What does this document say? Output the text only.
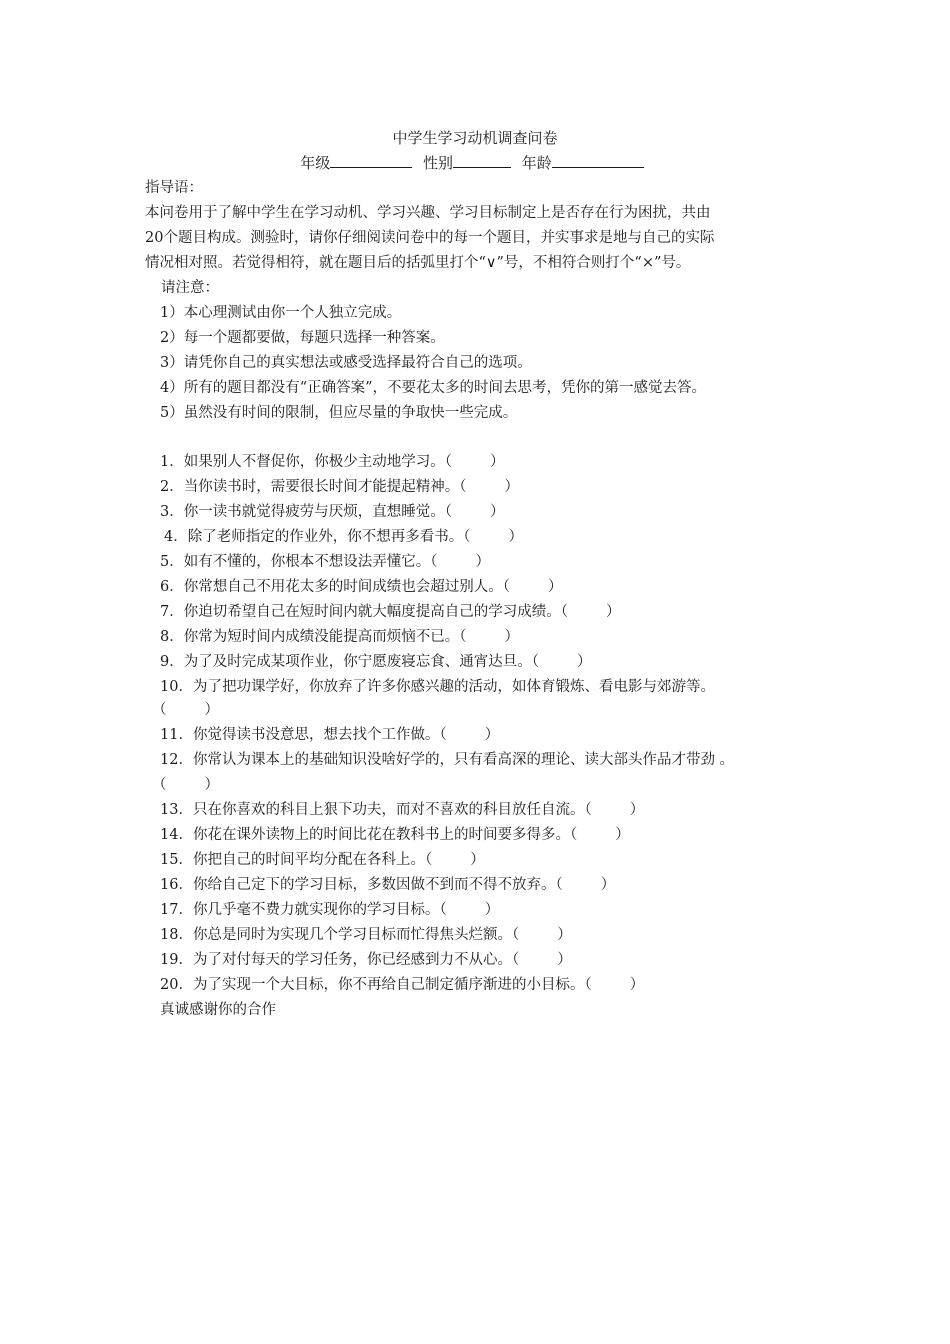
中学生学习动机调查问卷
年级	性别	年龄
指导语：

本问卷用于了解中学生在学习动机、学习兴趣、学习目标制定上是否存在行为困扰，共由

20个题目构成。测验时，请你仔细阅读问卷中的每一个题目，并实事求是地与自己的实际

情况相对照。若觉得相符，就在题目后的括弧里打个“∨”号，不相符合则打个“×”号。

请注意：
1）本心理测试由你一个人独立完成。
2）每一个题都要做，每题只选择一种答案。
3）请凭你自己的真实想法或感受选择最符合自己的选项。
4）所有的题目都没有“正确答案”，不要花太多的时间去思考，凭你的第一感觉去答。
5）虽然没有时间的限制，但应尽量的争取快一些完成。
1．如果别人不督促你，你极少主动地学习。（	）
2．当你读书时，需要很长时间才能提起精神。（	）
3．你一读书就觉得疲劳与厌烦，直想睡觉。（	）
4．除了老师指定的作业外，你不想再多看书。（	）
5．如有不懂的，你根本不想设法弄懂它。（	）
6．你常想自己不用花太多的时间成绩也会超过别人。（	）
7．你迫切希望自己在短时间内就大幅度提高自己的学习成绩。（	）
8．你常为短时间内成绩没能提高而烦恼不已。（	）
9．为了及时完成某项作业，你宁愿废寝忘食、通宵达旦。（	）
10．为了把功课学好，你放弃了许多你感兴趣的活动，如体育锻炼、看电影与郊游等。
（	）
11．你觉得读书没意思，想去找个工作做。（	）
12．你常认为课本上的基础知识没啥好学的，只有看高深的理论、读大部头作品才带劲 。
（	）
13．只在你喜欢的科目上狠下功夫，而对不喜欢的科目放任自流。（	）
14．你花在课外读物上的时间比花在教科书上的时间要多得多。（	）
15．你把自己的时间平均分配在各科上。（	）
16．你给自己定下的学习目标，多数因做不到而不得不放弃。（	）
17．你几乎毫不费力就实现你的学习目标。（	）
18．你总是同时为实现几个学习目标而忙得焦头烂额。（	）
19．为了对付每天的学习任务，你已经感到力不从心。（	）
20．为了实现一个大目标，你不再给自己制定循序渐进的小目标。（	）
真诚感谢你的合作
